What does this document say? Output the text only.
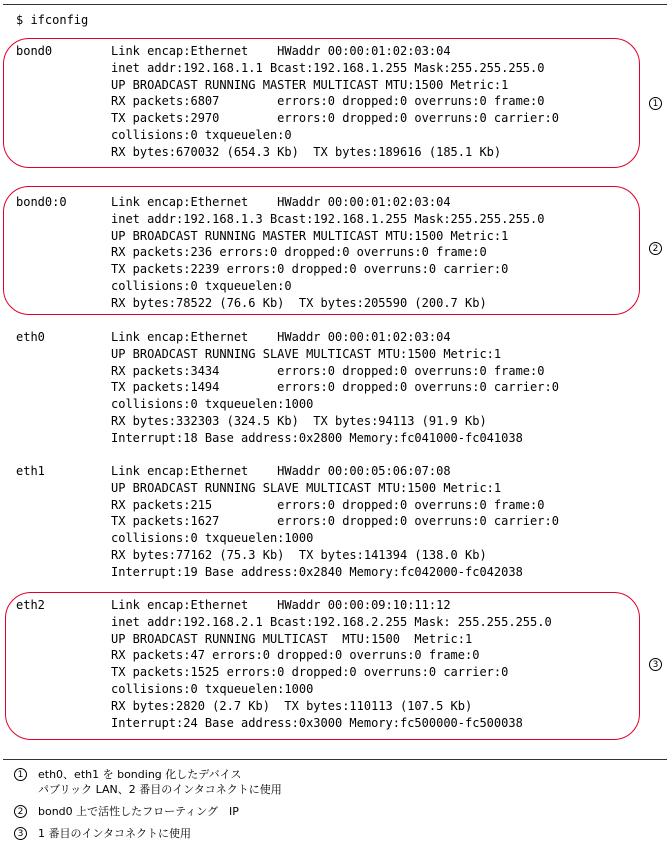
$ ifconfig
1
bond0	Link encap:Ethernet    HWaddr 00:00:01:02:03:04
inet addr:192.168.1.1 Bcast:192.168.1.255 Mask:255.255.255.0
UP BROADCAST RUNNING MASTER MULTICAST MTU:1500 Metric:1
RX packets:6807        errors:0 dropped:0 overruns:0 frame:0
TX packets:2970        errors:0 dropped:0 overruns:0 carrier:0
collisions:0 txqueuelen:0
RX bytes:670032 (654.3 Kb)  TX bytes:189616 (185.1 Kb)
2
bond0:0	Link encap:Ethernet    HWaddr 00:00:01:02:03:04
inet addr:192.168.1.3 Bcast:192.168.1.255 Mask:255.255.255.0
UP BROADCAST RUNNING MASTER MULTICAST MTU:1500 Metric:1
RX packets:236 errors:0 dropped:0 overruns:0 frame:0
TX packets:2239 errors:0 dropped:0 overruns:0 carrier:0
collisions:0 txqueuelen:0
RX bytes:78522 (76.6 Kb)  TX bytes:205590 (200.7 Kb)
eth0	Link encap:Ethernet    HWaddr 00:00:01:02:03:04
UP BROADCAST RUNNING SLAVE MULTICAST MTU:1500 Metric:1
RX packets:3434        errors:0 dropped:0 overruns:0 frame:0
TX packets:1494        errors:0 dropped:0 overruns:0 carrier:0
collisions:0 txqueuelen:1000
RX bytes:332303 (324.5 Kb)  TX bytes:94113 (91.9 Kb)
Interrupt:18 Base address:0x2800 Memory:fc041000-fc041038
eth1	Link encap:Ethernet    HWaddr 00:00:05:06:07:08
UP BROADCAST RUNNING SLAVE MULTICAST MTU:1500 Metric:1
RX packets:215         errors:0 dropped:0 overruns:0 frame:0
TX packets:1627        errors:0 dropped:0 overruns:0 carrier:0
collisions:0 txqueuelen:1000
RX bytes:77162 (75.3 Kb)  TX bytes:141394 (138.0 Kb)
Interrupt:19 Base address:0x2840 Memory:fc042000-fc042038
3
eth2	Link encap:Ethernet    HWaddr 00:00:09:10:11:12
inet addr:192.168.2.1 Bcast:192.168.2.255 Mask: 255.255.255.0
UP BROADCAST RUNNING MULTICAST  MTU:1500  Metric:1
RX packets:47 errors:0 dropped:0 overruns:0 frame:0
TX packets:1525 errors:0 dropped:0 overruns:0 carrier:0
collisions:0 txqueuelen:1000
RX bytes:2820 (2.7 Kb)  TX bytes:110113 (107.5 Kb)
Interrupt:24 Base address:0x3000 Memory:fc500000-fc500038
1	eth0、eth1 を bonding 化したデバイス
パブリック LAN、2 番目のインタコネクトに使用
2	bond0 上で活性したフローティング　IP
3	1 番目のインタコネクトに使用
